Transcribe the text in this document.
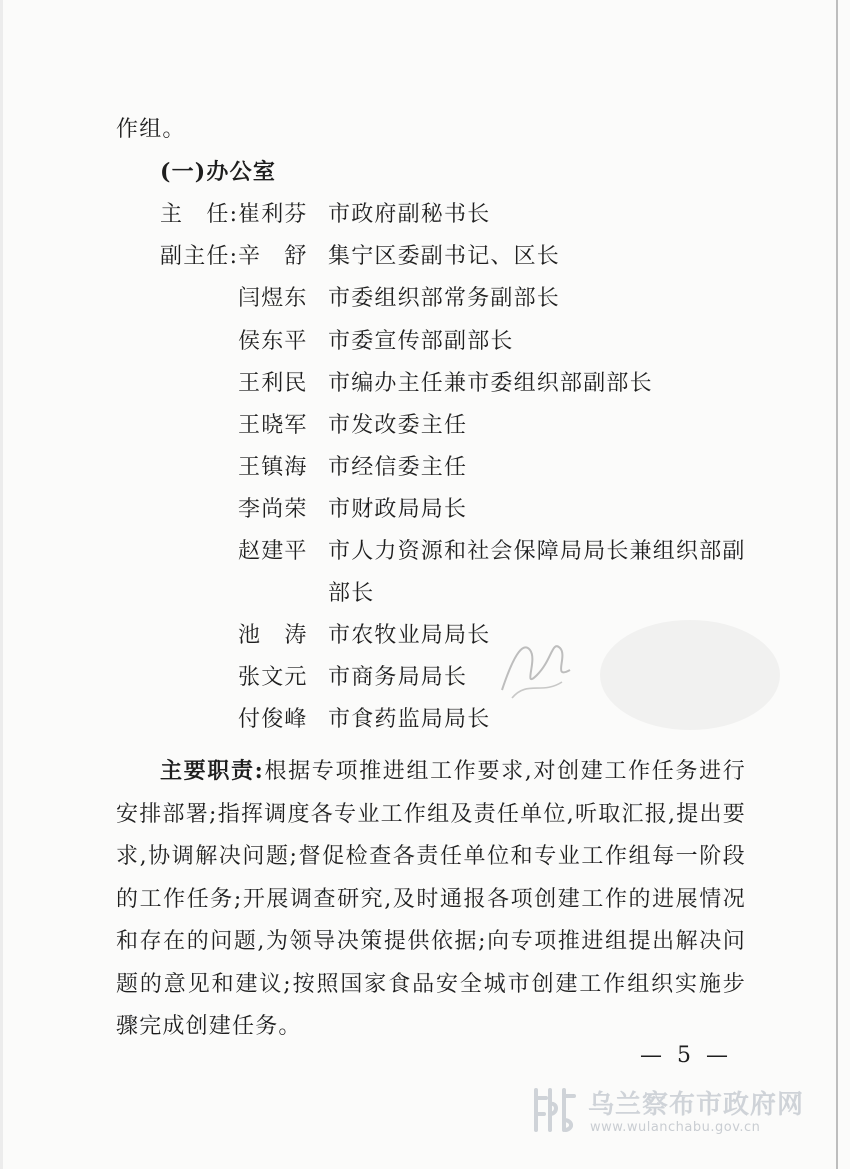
作组。
(一)办公室
主　任: 崔利芬 市政府副秘书长
副主任: 辛　舒 集宁区委副书记、区长
闫煜东 市委组织部常务副部长
侯东平 市委宣传部副部长
王利民 市编办主任兼市委组织部副部长
王晓军 市发改委主任
王镇海 市经信委主任
李尚荣 市财政局局长
赵建平 市人力资源和社会保障局局长兼组织部副
部长
池　涛 市农牧业局局长
张文元 市商务局局长
付俊峰 市食药监局局长
主要职责:根据专项推进组工作要求,对创建工作任务进行安排部署;指挥调度各专业工作组及责任单位,听取汇报,提出要求,协调解决问题;督促检查各责任单位和专业工作组每一阶段的工作任务;开展调查研究,及时通报各项创建工作的进展情况和存在的问题,为领导决策提供依据;向专项推进组提出解决问题的意见和建议;按照国家食品安全城市创建工作组织实施步骤完成创建任务。
— 5 —
乌兰察布市政府网
www.wulanchabu.gov.cn
